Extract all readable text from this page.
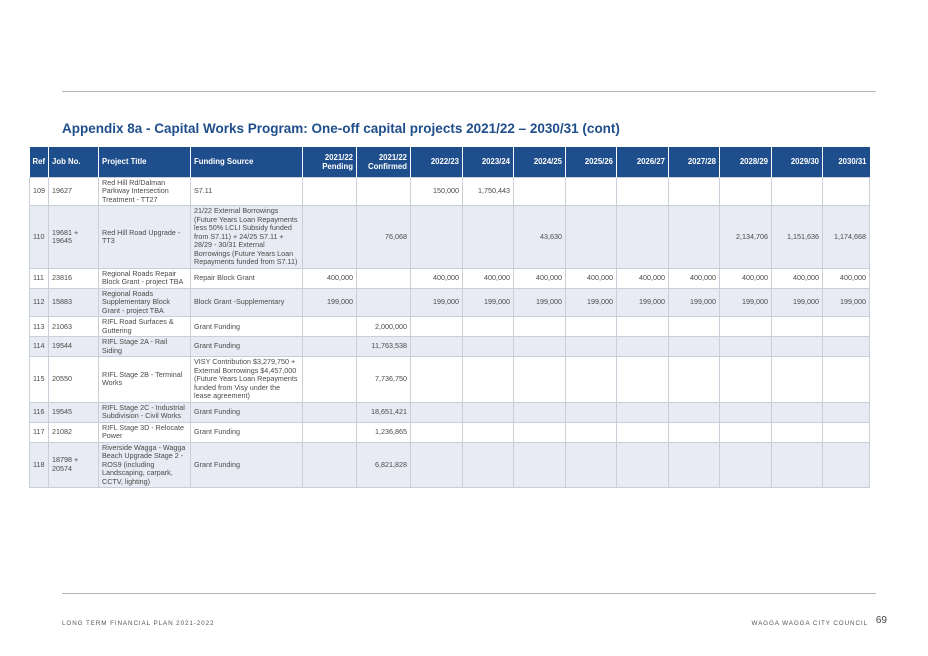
Appendix 8a - Capital Works Program: One-off capital projects 2021/22 – 2030/31 (cont)
Ref	Job No.	Project Title	Funding Source	2021/22 Pending	2021/22 Confirmed	2022/23	2023/24	2024/25	2025/26	2026/27	2027/28	2028/29	2029/30	2030/31
109	19627	Red Hill Rd/Dalman Parkway Intersection Treatment - TT27	S7.11			150,000	1,750,443							
110	19681 + 19645	Red Hill Road Upgrade - TT3	21/22 External Borrowings (Future Years Loan Repayments less 50% LCLI Subsidy funded from S7.11) + 24/25 S7.11 + 28/29 - 30/31 External Borrowings (Future Years Loan Repayments funded from S7.11)		76,068			43,630				2,134,706	1,151,636	1,174,668
111	23816	Regional Roads Repair Block Grant - project TBA	Repair Block Grant	400,000		400,000	400,000	400,000	400,000	400,000	400,000	400,000	400,000	400,000
112	15883	Regional Roads Supplementary Block Grant - project TBA	Block Grant -Supplementary	199,000		199,000	199,000	199,000	199,000	199,000	199,000	199,000	199,000	199,000
113	21063	RIFL Road Surfaces & Guttering	Grant Funding		2,000,000									
114	19544	RIFL Stage 2A - Rail Siding	Grant Funding		11,763,538									
115	20550	RIFL Stage 2B - Terminal Works	VISY Contribution $3,279,750 + External Borrowings $4,457,000 (Future Years Loan Repayments funded from Visy under the lease agreement)		7,736,750									
116	19545	RIFL Stage 2C - Industrial Subdivision - Civil Works	Grant Funding		18,651,421									
117	21082	RIFL Stage 3D - Relocate Power	Grant Funding		1,236,865									
118	18798 + 20574	Riverside Wagga - Wagga Beach Upgrade Stage 2 - ROS9 (including Landscaping, carpark, CCTV, lighting)	Grant Funding		6,821,828									
LONG TERM FINANCIAL PLAN 2021-2022	WAGGA WAGGA CITY COUNCIL 69
